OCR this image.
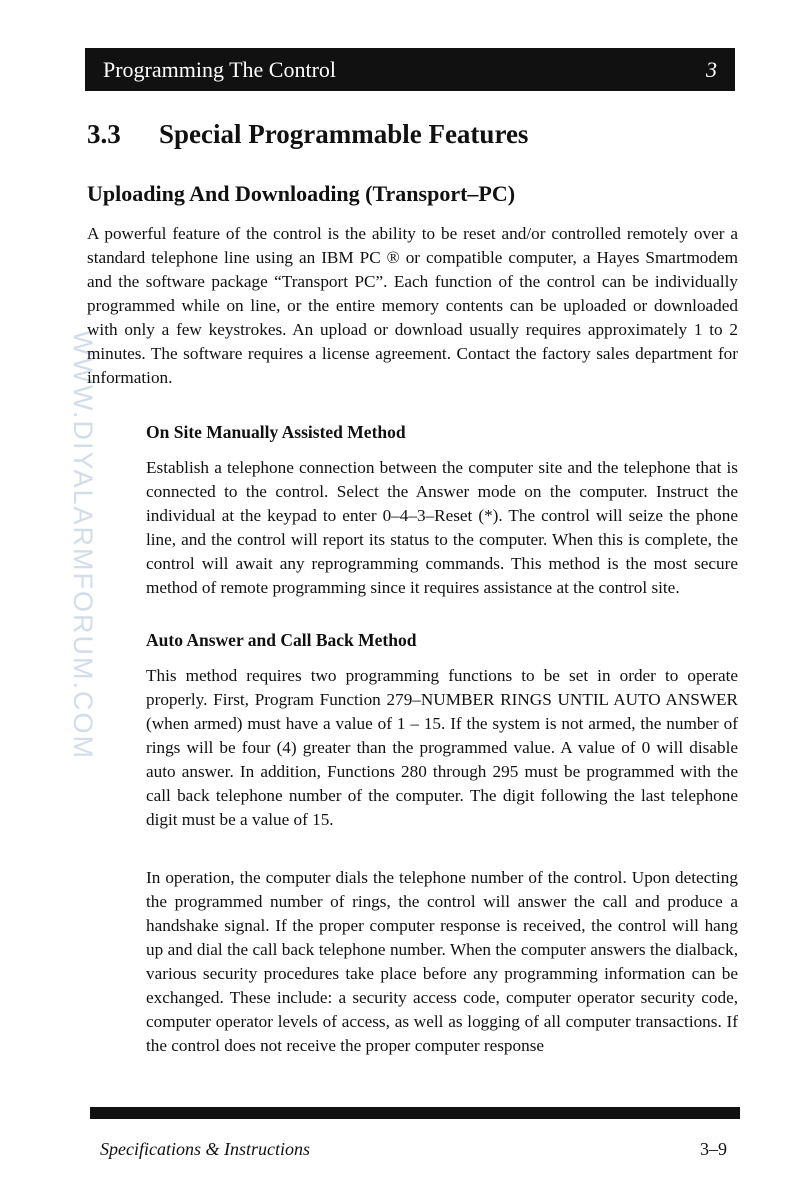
Programming The Control	3
WWW.DIYALARMFORUM.COM
3.3 Special Programmable Features
Uploading And Downloading (Transport–PC)

A powerful feature of the control is the ability to be reset and/or controlled remotely over a standard telephone line using an IBM PC ® or compatible computer, a Hayes Smartmodem and the software package “Transport PC”. Each function of the control can be individually programmed while on line, or the entire memory contents can be uploaded or downloaded with only a few keystrokes. An upload or download usually requires approximately 1 to 2 minutes. The software requires a license agreement. Contact the factory sales department for information.

On Site Manually Assisted Method

Establish a telephone connection between the computer site and the telephone that is connected to the control. Select the Answer mode on the computer. Instruct the individual at the keypad to enter 0–4–3–Reset (*). The control will seize the phone line, and the control will report its status to the computer. When this is complete, the control will await any reprogramming commands. This method is the most secure method of remote programming since it requires assistance at the control site.

Auto Answer and Call Back Method

This method requires two programming functions to be set in order to operate properly. First, Program Function 279–NUMBER RINGS UNTIL AUTO ANSWER (when armed) must have a value of 1 – 15. If the system is not armed, the number of rings will be four (4) greater than the programmed value. A value of 0 will disable auto answer. In addition, Functions 280 through 295 must be programmed with the call back telephone number of the computer. The digit following the last telephone digit must be a value of 15.

In operation, the computer dials the telephone number of the control. Upon detecting the programmed number of rings, the control will answer the call and produce a handshake signal. If the proper computer response is received, the control will hang up and dial the call back telephone number. When the computer answers the dialback, various security procedures take place before any programming information can be exchanged. These include: a security access code, computer operator security code, computer operator levels of access, as well as logging of all computer transactions. If the control does not receive the proper computer response

Specifications & Instructions	3–9
